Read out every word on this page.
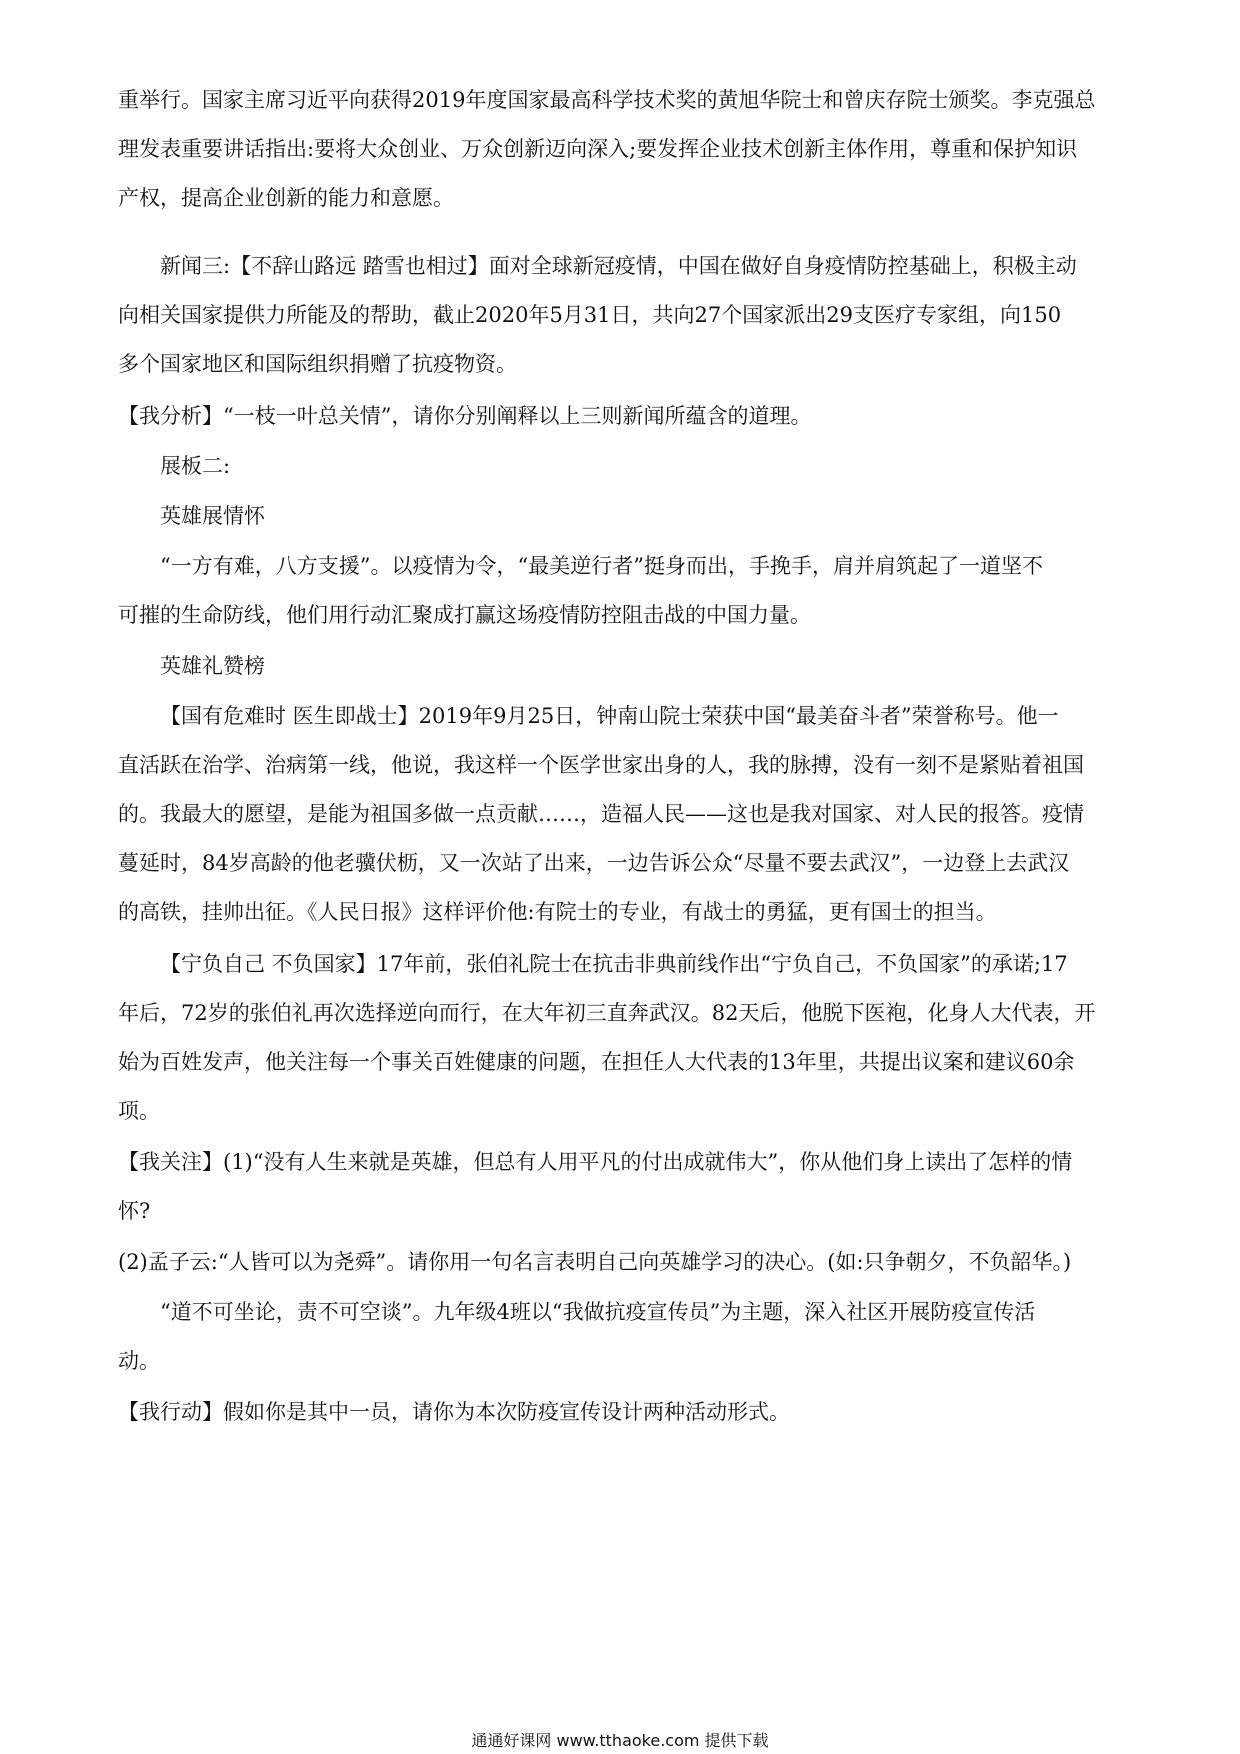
重举行。国家主席习近平向获得2019年度国家最高科学技术奖的黄旭华院士和曾庆存院士颁奖。李克强总
理发表重要讲话指出:要将大众创业、万众创新迈向深入;要发挥企业技术创新主体作用，尊重和保护知识
产权，提高企业创新的能力和意愿。
新闻三:【不辞山路远 踏雪也相过】面对全球新冠疫情，中国在做好自身疫情防控基础上，积极主动
向相关国家提供力所能及的帮助，截止2020年5月31日，共向27个国家派出29支医疗专家组，向150
多个国家地区和国际组织捐赠了抗疫物资。
【我分析】“一枝一叶总关情”，请你分别阐释以上三则新闻所蕴含的道理。
展板二:
英雄展情怀
“一方有难，八方支援”。以疫情为令，“最美逆行者”挺身而出，手挽手，肩并肩筑起了一道坚不
可摧的生命防线，他们用行动汇聚成打赢这场疫情防控阻击战的中国力量。
英雄礼赞榜
【国有危难时 医生即战士】2019年9月25日，钟南山院士荣获中国“最美奋斗者”荣誉称号。他一
直活跃在治学、治病第一线，他说，我这样一个医学世家出身的人，我的脉搏，没有一刻不是紧贴着祖国
的。我最大的愿望，是能为祖国多做一点贡献……，造福人民——这也是我对国家、对人民的报答。疫情
蔓延时，84岁高龄的他老骥伏枥，又一次站了出来，一边告诉公众“尽量不要去武汉”，一边登上去武汉
的高铁，挂帅出征。《人民日报》这样评价他:有院士的专业，有战士的勇猛，更有国士的担当。
【宁负自己 不负国家】17年前，张伯礼院士在抗击非典前线作出“宁负自己，不负国家”的承诺;17
年后，72岁的张伯礼再次选择逆向而行，在大年初三直奔武汉。82天后，他脱下医袍，化身人大代表，开
始为百姓发声，他关注每一个事关百姓健康的问题，在担任人大代表的13年里，共提出议案和建议60余
项。
【我关注】(1)“没有人生来就是英雄，但总有人用平凡的付出成就伟大”，你从他们身上读出了怎样的情
怀?
(2)孟子云:“人皆可以为尧舜”。请你用一句名言表明自己向英雄学习的决心。(如:只争朝夕，不负韶华。)
“道不可坐论，责不可空谈”。九年级4班以“我做抗疫宣传员”为主题，深入社区开展防疫宣传活
动。
【我行动】假如你是其中一员，请你为本次防疫宣传设计两种活动形式。
通通好课网 www.tthaoke.com 提供下载
